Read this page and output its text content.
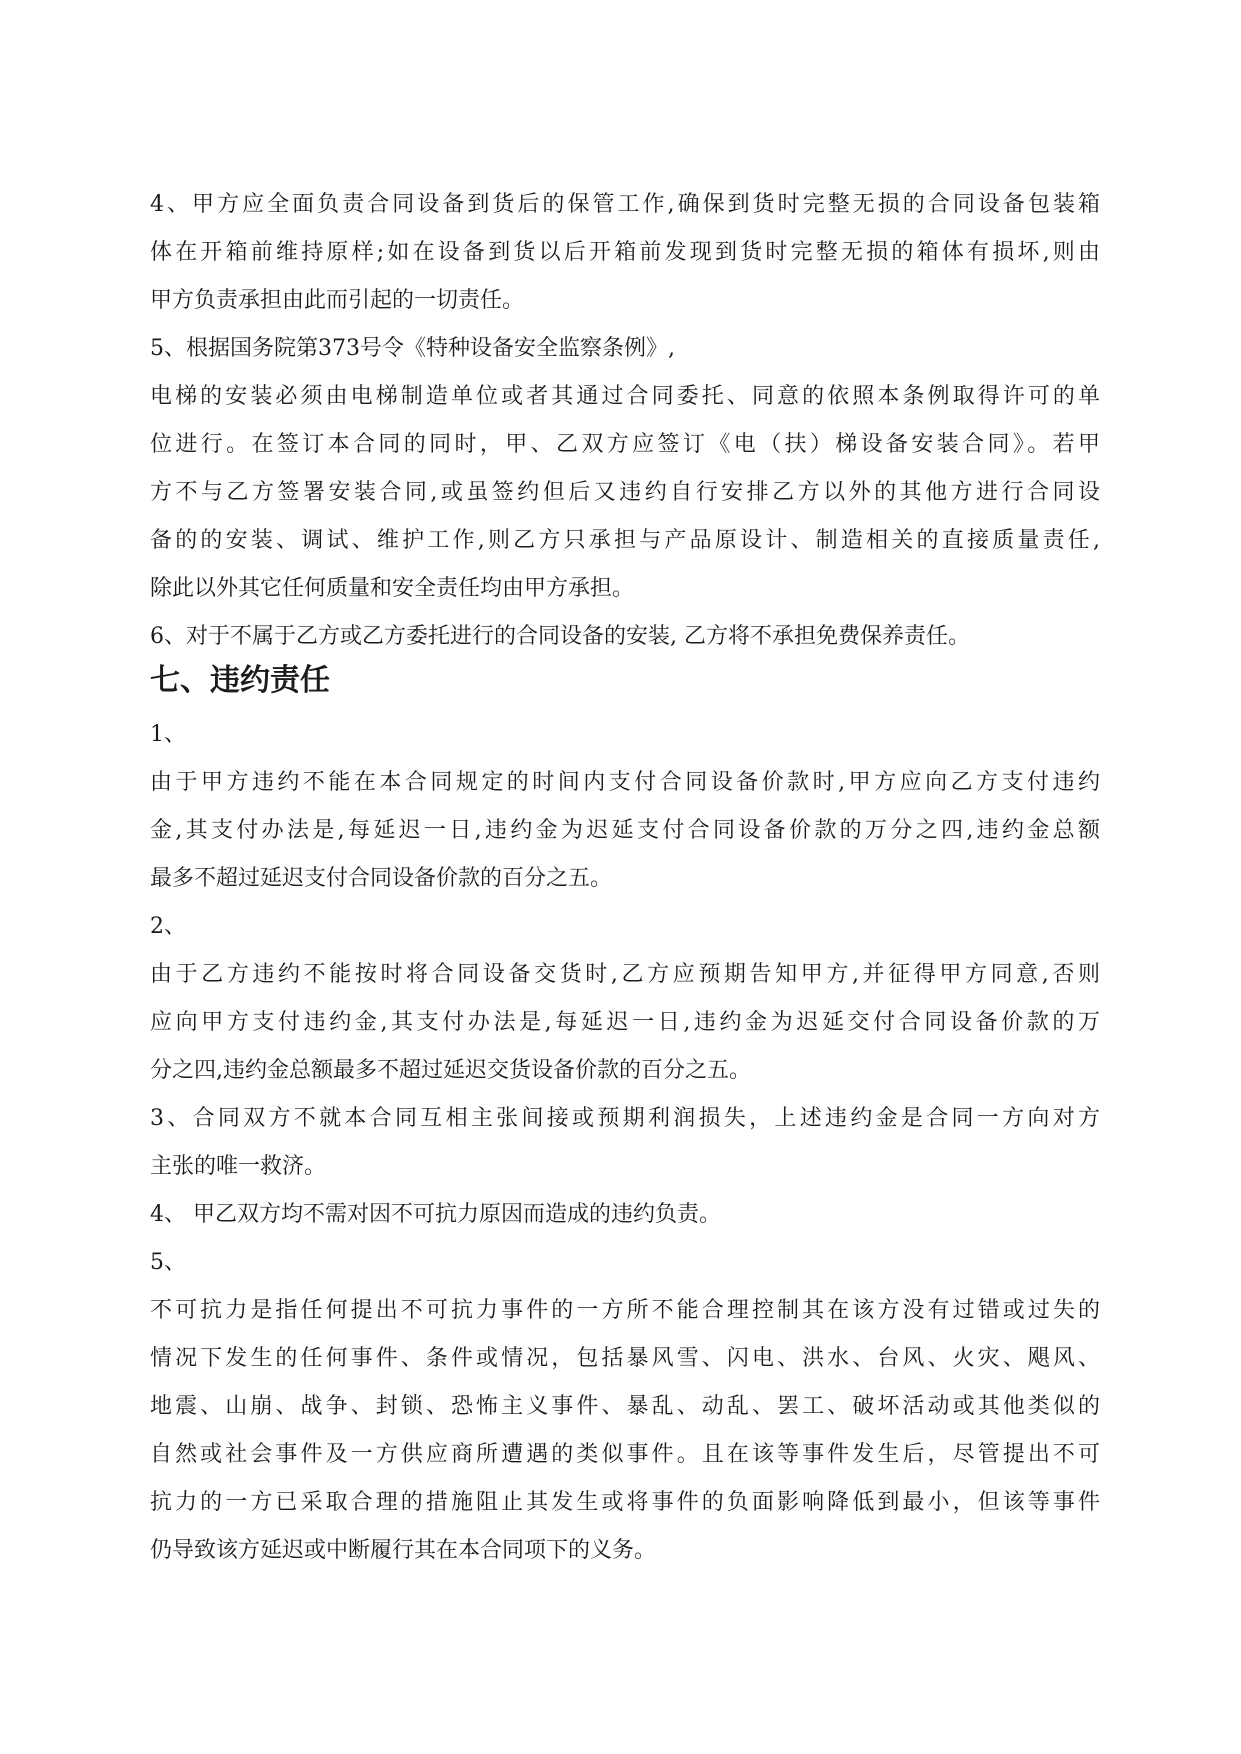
4、甲方应全面负责合同设备到货后的保管工作,确保到货时完整无损的合同设备包装箱
体在开箱前维持原样;如在设备到货以后开箱前发现到货时完整无损的箱体有损坏,则由
甲方负责承担由此而引起的一切责任。
5、根据国务院第373号令《特种设备安全监察条例》,
电梯的安装必须由电梯制造单位或者其通过合同委托、同意的依照本条例取得许可的单
位进行。在签订本合同的同时，甲、乙双方应签订《电（扶）梯设备安装合同》。若甲
方不与乙方签署安装合同,或虽签约但后又违约自行安排乙方以外的其他方进行合同设
备的的安装、调试、维护工作,则乙方只承担与产品原设计、制造相关的直接质量责任,
除此以外其它任何质量和安全责任均由甲方承担。
6、对于不属于乙方或乙方委托进行的合同设备的安装, 乙方将不承担免费保养责任。
七、违约责任
1、
由于甲方违约不能在本合同规定的时间内支付合同设备价款时,甲方应向乙方支付违约
金,其支付办法是,每延迟一日,违约金为迟延支付合同设备价款的万分之四,违约金总额
最多不超过延迟支付合同设备价款的百分之五。
2、
由于乙方违约不能按时将合同设备交货时,乙方应预期告知甲方,并征得甲方同意,否则
应向甲方支付违约金,其支付办法是,每延迟一日,违约金为迟延交付合同设备价款的万
分之四,违约金总额最多不超过延迟交货设备价款的百分之五。
3、合同双方不就本合同互相主张间接或预期利润损失，上述违约金是合同一方向对方
主张的唯一救济。
4、 甲乙双方均不需对因不可抗力原因而造成的违约负责。
5、
不可抗力是指任何提出不可抗力事件的一方所不能合理控制其在该方没有过错或过失的
情况下发生的任何事件、条件或情况，包括暴风雪、闪电、洪水、台风、火灾、飓风、
地震、山崩、战争、封锁、恐怖主义事件、暴乱、动乱、罢工、破坏活动或其他类似的
自然或社会事件及一方供应商所遭遇的类似事件。且在该等事件发生后，尽管提出不可
抗力的一方已采取合理的措施阻止其发生或将事件的负面影响降低到最小，但该等事件
仍导致该方延迟或中断履行其在本合同项下的义务。
